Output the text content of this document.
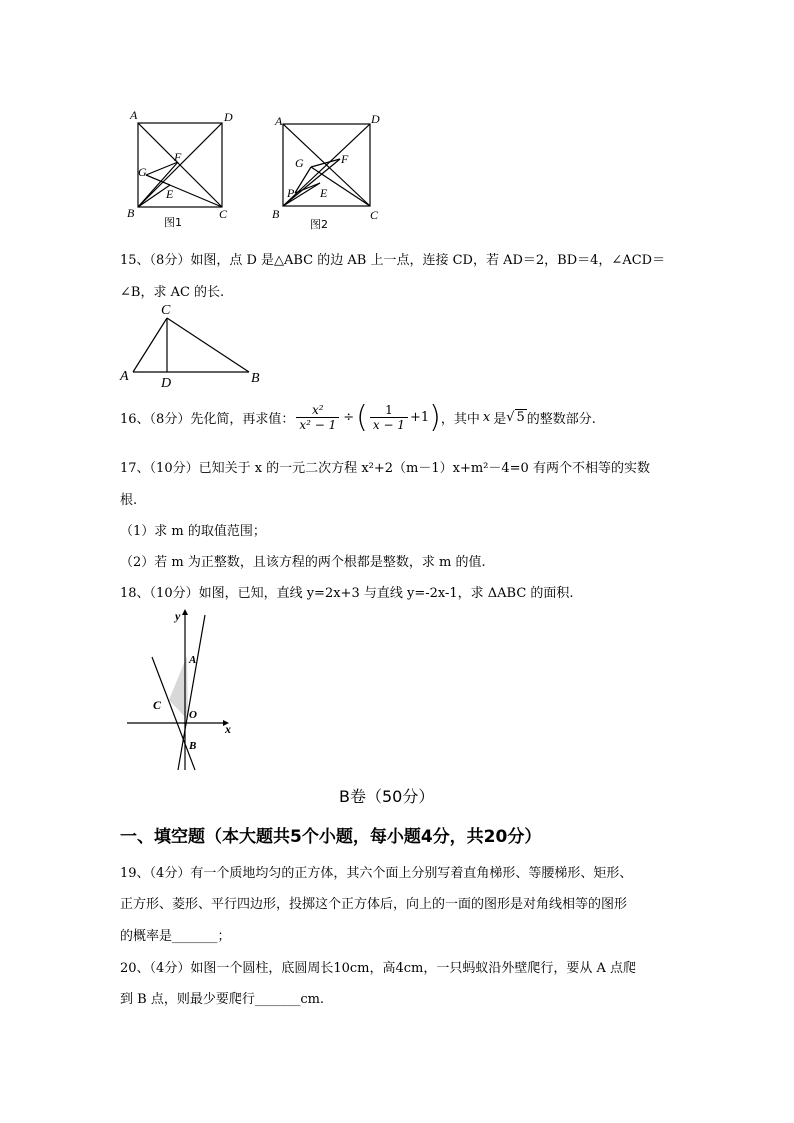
A	D
B	C
F
G
E
图1
A	D
B	C
F
G
P E
图2
15、（8分）如图，点 D 是△ABC 的边 AB 上一点，连接 CD，若 AD＝2，BD＝4，∠ACD＝
∠B，求 AC 的长.
C
A D	B
16、（8分）先化简，再求值： $\frac{\text{x²}}{\text{x² − 1}}$ ÷ ( $\frac{1}{x - 1} +1$ ) ，其中 x 是 √ 5 的整数部分.
17、（10分）已知关于 x 的一元二次方程 x²+2（m－1）x+m²－4=0 有两个不相等的实数
根.
（1）求 m 的取值范围；
（2）若 m 为正整数，且该方程的两个根都是整数，求 m 的值.
18、（10分）如图，已知，直线 y=2x+3 与直线 y=-2x-1，求 ΔABC 的面积.
y
x
A
C
O
B
B卷（50分）
一、填空题（本大题共5个小题，每小题4分，共20分）
19、（4分）有一个质地均匀的正方体，其六个面上分别写着直角梯形、等腰梯形、矩形、
正方形、菱形、平行四边形，投掷这个正方体后，向上的一面的图形是对角线相等的图形
的概率是_______；
20、（4分）如图一个圆柱，底圆周长10cm，高4cm，一只蚂蚁沿外壁爬行，要从 A 点爬
到 B 点，则最少要爬行_______cm.
